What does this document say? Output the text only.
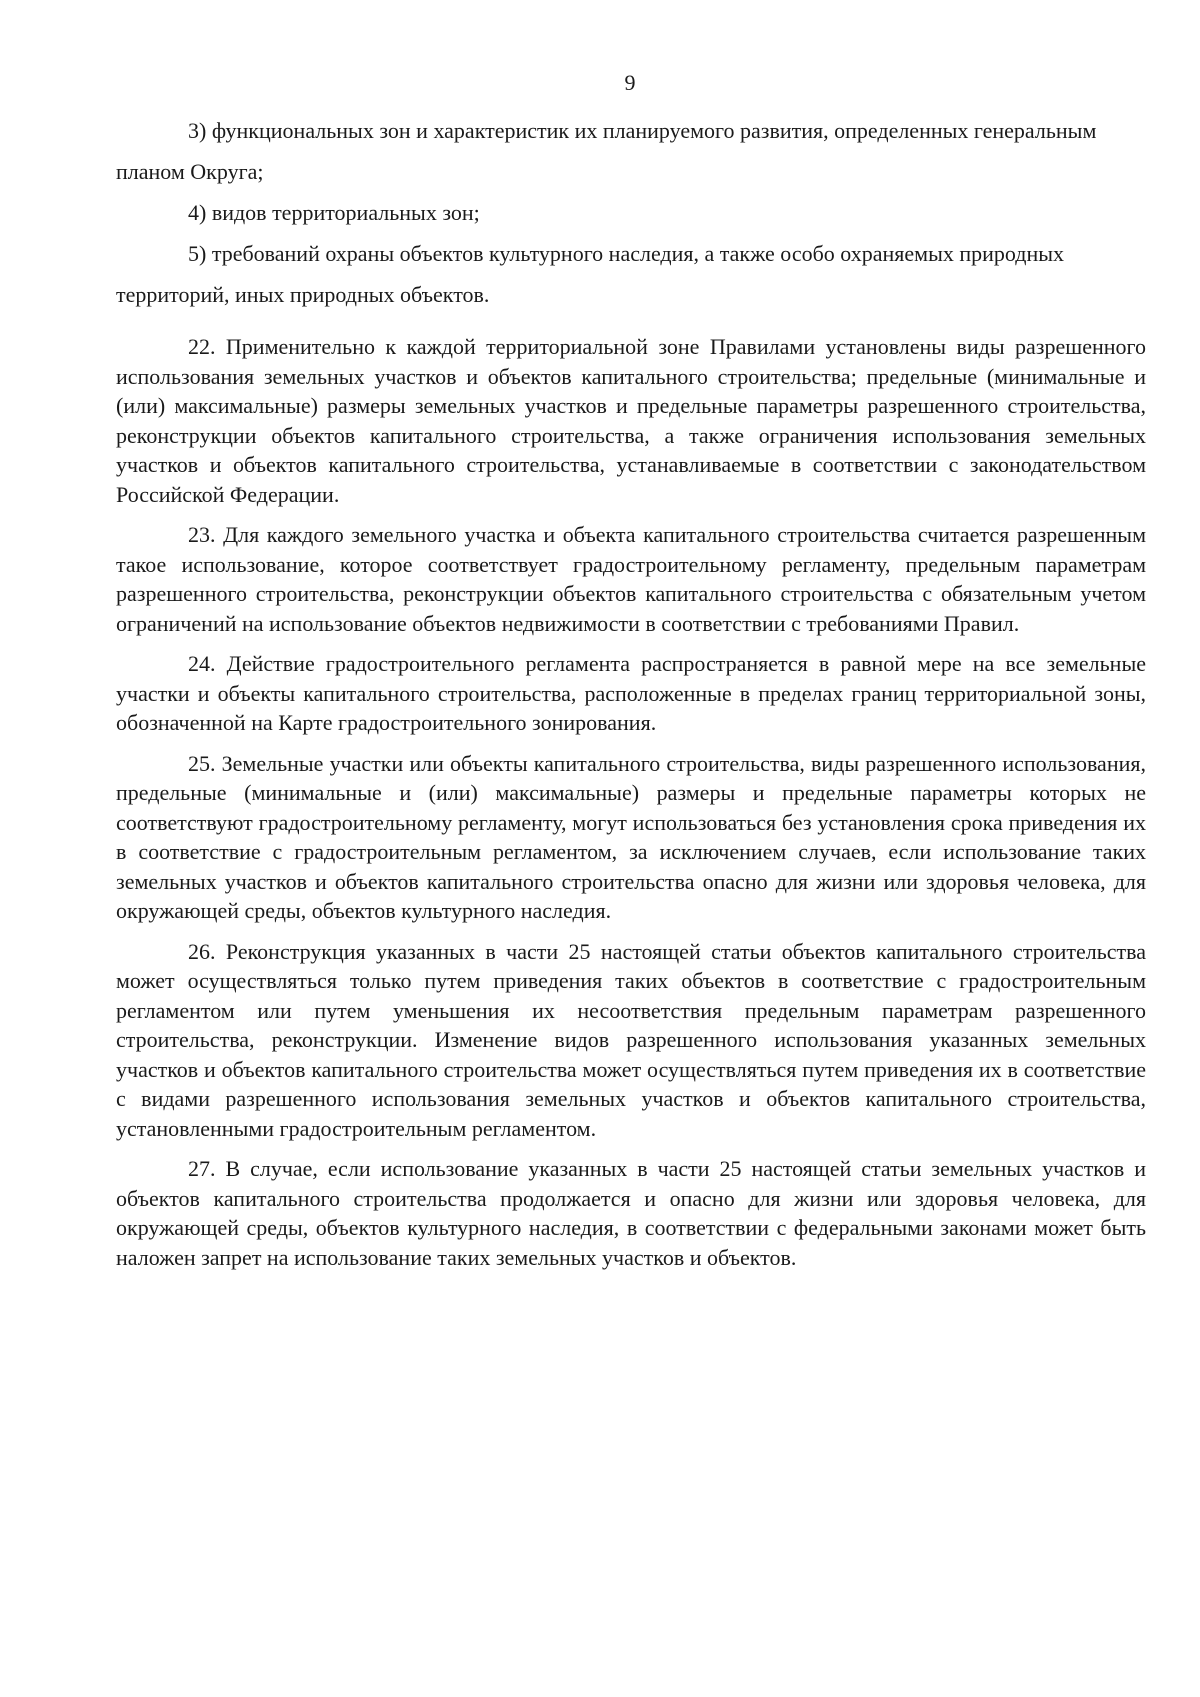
9

3) функциональных зон и характеристик их планируемого развития, определенных генеральным планом Округа;

4) видов территориальных зон;

5) требований охраны объектов культурного наследия, а также особо охраняемых природных территорий, иных природных объектов.

22. Применительно к каждой территориальной зоне Правилами установлены виды разрешенного использования земельных участков и объектов капитального строительства; предельные (минимальные и (или) максимальные) размеры земельных участков и предельные параметры разрешенного строительства, реконструкции объектов капитального строительства, а также ограничения использования земельных участков и объектов капитального строительства, устанавливаемые в соответствии с законодательством Российской Федерации.

23. Для каждого земельного участка и объекта капитального строительства считается разрешенным такое использование, которое соответствует градостроительному регламенту, предельным параметрам разрешенного строительства, реконструкции объектов капитального строительства с обязательным учетом ограничений на использование объектов недвижимости в соответствии с требованиями Правил.

24. Действие градостроительного регламента распространяется в равной мере на все земельные участки и объекты капитального строительства, расположенные в пределах границ территориальной зоны, обозначенной на Карте градостроительного зонирования.

25. Земельные участки или объекты капитального строительства, виды разрешенного использования, предельные (минимальные и (или) максимальные) размеры и предельные параметры которых не соответствуют градостроительному регламенту, могут использоваться без установления срока приведения их в соответствие с градостроительным регламентом, за исключением случаев, если использование таких земельных участков и объектов капитального строительства опасно для жизни или здоровья человека, для окружающей среды, объектов культурного наследия.

26. Реконструкция указанных в части 25 настоящей статьи объектов капитального строительства может осуществляться только путем приведения таких объектов в соответствие с градостроительным регламентом или путем уменьшения их несоответствия предельным параметрам разрешенного строительства, реконструкции. Изменение видов разрешенного использования указанных земельных участков и объектов капитального строительства может осуществляться путем приведения их в соответствие с видами разрешенного использования земельных участков и объектов капитального строительства, установленными градостроительным регламентом.

27. В случае, если использование указанных в части 25 настоящей статьи земельных участков и объектов капитального строительства продолжается и опасно для жизни или здоровья человека, для окружающей среды, объектов культурного наследия, в соответствии с федеральными законами может быть наложен запрет на использование таких земельных участков и объектов.
